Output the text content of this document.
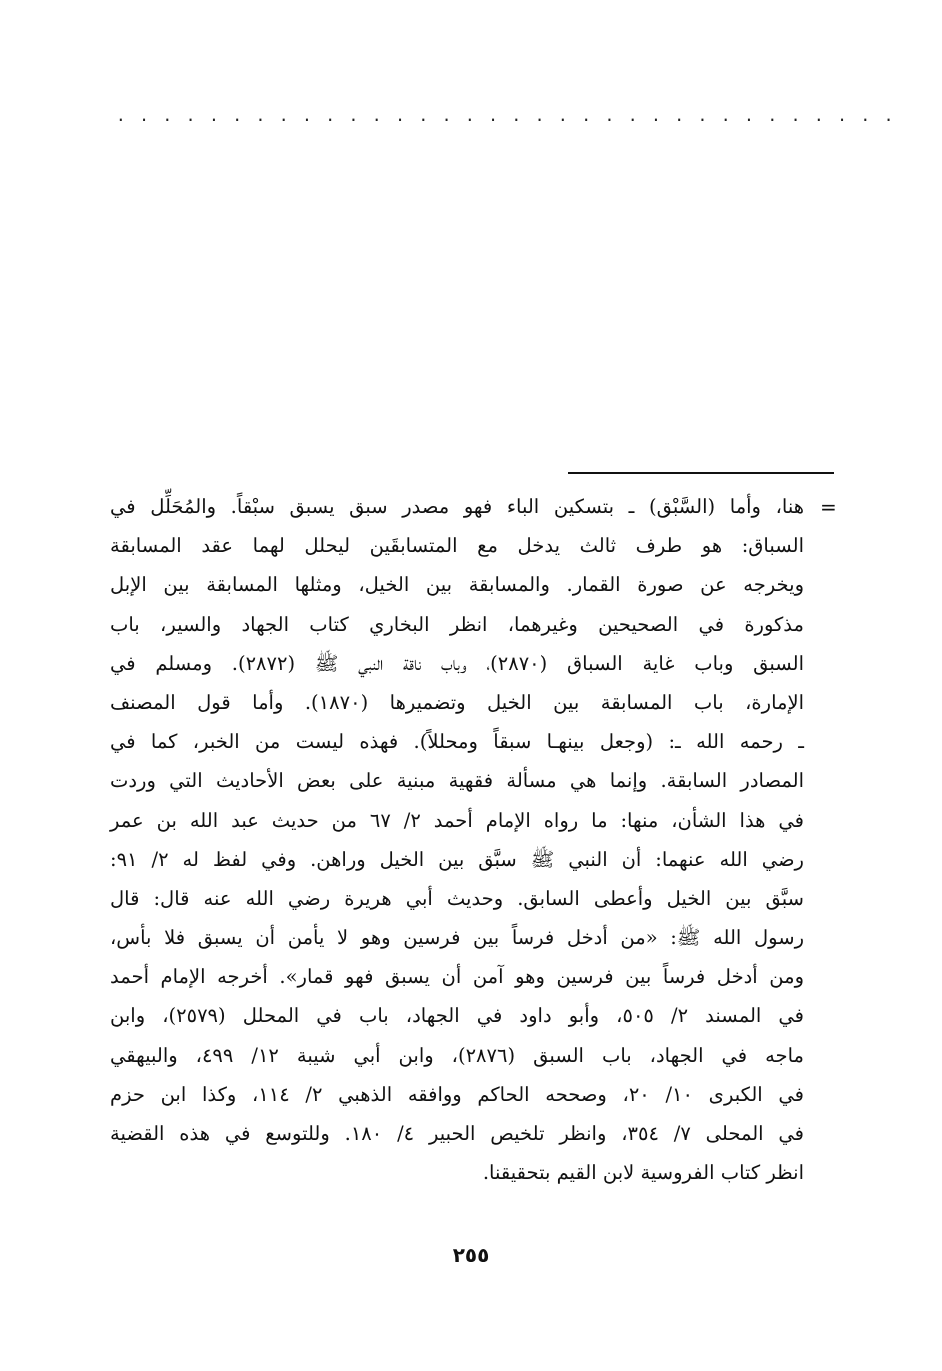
. . . . . . . . . . . . . . . . . . . . . . . . . . . . . . . . . .
=
هنا، وأما (السَّبْق) ـ بتسكين الباء فهو مصدر سبق يسبق سبْقاً. والمُحَلِّل في
السباق: هو طرف ثالث يدخل مع المتسابقَين ليحلل لهما عقد المسابقة
ويخرجه عن صورة القمار. والمسابقة بين الخيل، ومثلها المسابقة بين الإبل
مذكورة في الصحيحين وغيرهما، انظر البخاري كتاب الجهاد والسير، باب
السبق وباب غاية السباق (٢٨٧٠)، وباب ناقة النبي ﷺ (٢٨٧٢). ومسلم في
الإمارة، باب المسابقة بين الخيل وتضميرها (١٨٧٠). وأما قول المصنف
ـ رحمه الله ـ: (وجعل بينهـا سبقاً ومحللاً). فهذه ليست من الخبر، كما في
المصادر السابقة. وإنما هي مسألة فقهية مبنية على بعض الأحاديث التي وردت
في هذا الشأن، منها: ما رواه الإمام أحمد ٢/ ٦٧ من حديث عبد الله بن عمر
رضي الله عنهما: أن النبي ﷺ سبَّق بين الخيل وراهن. وفي لفظ له ٢/ ٩١:
سبَّق بين الخيل وأعطى السابق. وحديث أبي هريرة رضي الله عنه قال: قال
رسول الله ﷺ: «من أدخل فرساً بين فرسين وهو لا يأمن أن يسبق فلا بأس،
ومن أدخل فرساً بين فرسين وهو آمن أن يسبق فهو قمار». أخرجه الإمام أحمد
في المسند ٢/ ٥٠٥، وأبو داود في الجهاد، باب في المحلل (٢٥٧٩)، وابن
ماجه في الجهاد، باب السبق (٢٨٧٦)، وابن أبي شيبة ١٢/ ٤٩٩، والبيهقي
في الكبرى ١٠/ ٢٠، وصححه الحاكم ووافقه الذهبي ٢/ ١١٤، وكذا ابن حزم
في المحلى ٧/ ٣٥٤، وانظر تلخيص الحبير ٤/ ١٨٠. وللتوسع في هذه القضية
انظر كتاب الفروسية لابن القيم بتحقيقنا.
٢٥٥
